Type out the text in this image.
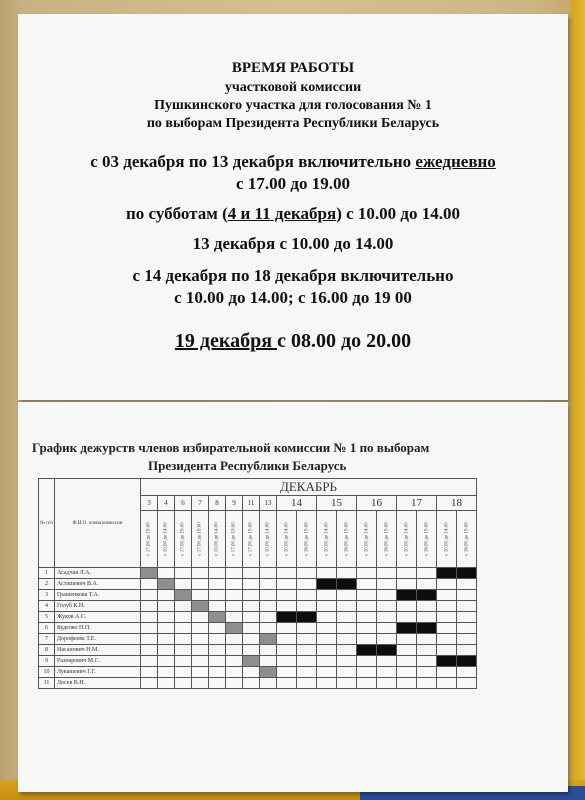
ВРЕМЯ РАБОТЫ
участковой комиссии
Пушкинского участка для голосования № 1
по выборам Президента Республики Беларусь
с 03 декабря по 13 декабря включительно ежедневно
с 17.00 до 19.00
по субботам (4 и 11 декабря) с 10.00 до 14.00
13 декабря с 10.00 до 14.00
с 14 декабря по 18 декабря включительно
с 10.00 до 14.00; с 16.00 до 19 00
19 декабря с 08.00 до 20.00
График дежурств членов избирательной комиссии № 1 по выборам
Президента Республики Беларусь
№ п/п	Ф.И.О. члена комиссии	ДЕКАБРЬ																	
		3	4	6	7	8	9	11	13	14		15		16		17		18	

		с 17.00 до 19.00	с 10.00 до 14.00	с 17.00 до 19.00	с 17.00 до 19.00	с 10.00 до 14.00	с 17.00 до 19.00	с 17.00 до 19.00	с 10.00 до 14.00	с 10.00 до 14.00	с 16.00 до 19.00	с 10.00 до 14.00	с 16.00 до 19.00	с 10.00 до 14.00	с 16.00 до 19.00	с 10.00 до 14.00	с 16.00 до 19.00	с 10.00 до 14.00	с 16.00 до 19.00

1	Асадчая Л.А.																		
2	Асташевич В.А.																		
3	Грашенкова Т.А.																		
4	Голуб К.Н.																		
5	Жуков А.С.																		
6	Куделко Н.П.																		
7	Дорофеева Т.Е.																		
8	Насанович Н.М.																		
9	Разнарович М.С.																		
10	Лукашевич Г.Г.																		
11	Лосев В.Н.																		
